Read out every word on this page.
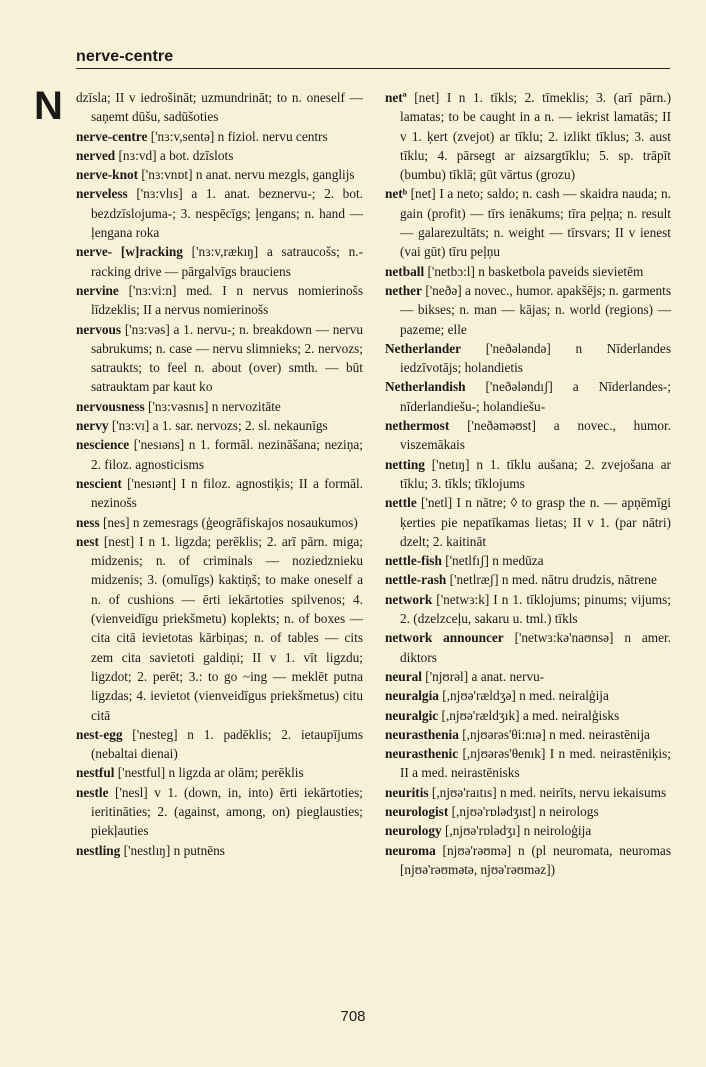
nerve-centre
N dzīsla; II v iedrošināt; uzmundrināt; to n. oneself — saņemt dūšu, sadūšoties

nerve-centre ['nɜ:v,sentə] n fiziol. nervu centrs

nerved [nɜ:vd] a bot. dzīslots

nerve-knot ['nɜ:vnɒt] n anat. nervu mezgls, ganglijs

nerveless ['nɜ:vlıs] a 1. anat. beznervu-; 2. bot. bezdzīslojuma-; 3. nespēcīgs; ļengans; n. hand — ļengana roka

nerve- [w]racking ['nɜ:v,rækıŋ] a satraucošs; n.-racking drive — pārgalvīgs brauciens

nervine ['nɜ:vi:n] med. I n nervus nomierinošs līdzeklis; II a nervus nomierinošs

nervous ['nɜ:vəs] a 1. nervu-; n. breakdown — nervu sabrukums; n. case — nervu slimnieks; 2. nervozs; satraukts; to feel n. about (over) smth. — būt satrauktam par kaut ko

nervousness ['nɜ:vəsnıs] n nervozitāte

nervy ['nɜ:vı] a 1. sar. nervozs; 2. sl. nekaunīgs

nescience ['nesıəns] n 1. formāl. nezināšana; neziņa; 2. filoz. agnosticisms

nescient ['nesıənt] I n filoz. agnostiķis; II a formāl. nezinošs

ness [nes] n zemesrags (ģeogrāfiskajos nosaukumos)

nest [nest] I n 1. ligzda; perēklis; 2. arī pārn. miga; midzenis; n. of criminals — noziedznieku midzenis; 3. (omulīgs) kaktiņš; to make oneself a n. of cushions — ērti iekārtoties spilvenos; 4. (vienveidīgu priekšmetu) koplekts; n. of boxes — cita citā ievietotas kārbiņas; n. of tables — cits zem cita savietoti galdiņi; II v 1. vīt ligzdu; ligzdot; 2. perēt; 3.: to go ~ing — meklēt putna ligzdas; 4. ievietot (vienveidīgus priekšmetus) citu citā

nest-egg ['nesteg] n 1. padēklis; 2. ietaupījums (nebaltai dienai)

nestful ['nestful] n ligzda ar olām; perēklis

nestle ['nesl] v 1. (down, in, into) ērti iekārtoties; ieritināties; 2. (against, among, on) pieglausties; piekļauties

nestling ['nestlıŋ] n putnēns

netª [net] I n 1. tīkls; 2. tīmeklis; 3. (arī pārn.) lamatas; to be caught in a n. — iekrist lamatās; II v 1. ķert (zvejot) ar tīklu; 2. izlikt tīklus; 3. aust tīklu; 4. pārsegt ar aizsargtīklu; 5. sp. trāpīt (bumbu) tīklā; gūt vārtus (grozu)

netᵇ [net] I a neto; saldo; n. cash — skaidra nauda; n. gain (profit) — tīrs ienākums; tīra peļņa; n. result — galarezultāts; n. weight — tīrsvars; II v ienest (vai gūt) tīru peļņu

netball ['netbɔ:l] n basketbola paveids sievietēm

nether ['neðə] a novec., humor. apakšējs; n. garments — bikses; n. man — kājas; n. world (regions) — pazeme; elle

Netherlander ['neðələndə] n Nīderlandes iedzīvotājs; holandietis

Netherlandish ['neðələndıʃ] a Nīderlandes-; nīderlandiešu-; holandiešu-

nethermost ['neðəməʊst] a novec., humor. viszemākais

netting ['netıŋ] n 1. tīklu aušana; 2. zvejošana ar tīklu; 3. tīkls; tīklojums

nettle ['netl] I n nātre; ◊ to grasp the n. — apņēmīgi ķerties pie nepatīkamas lietas; II v 1. (par nātri) dzelt; 2. kaitināt

nettle-fish ['netlfıʃ] n medūza

nettle-rash ['netlræʃ] n med. nātru drudzis, nātrene

network ['netwɜ:k] I n 1. tīklojums; pinums; vijums; 2. (dzelzceļu, sakaru u. tml.) tīkls

network announcer ['netwɜ:kə'naʊnsə] n amer. diktors

neural ['njʊrəl] a anat. nervu-

neuralgia [,njʊə'rældʒə] n med. neiralģija

neuralgic [,njʊə'rældʒık] a med. neiralģisks

neurasthenia [,njʊərəs'θi:nıə] n med. neirastēnija

neurasthenic [,njʊərəs'θenık] I n med. neirastēniķis; II a med. neirastēnisks

neuritis [,njʊə'raıtıs] n med. neirīts, nervu iekaisums

neurologist [,njʊə'rɒlədʒıst] n neirologs

neurology [,njʊə'rɒlədʒı] n neiroloģija

neuroma [njʊə'rəʊmə] n (pl neuromata, neuromas [njʊə'rəʊmətə, njʊə'rəʊməz])

708
